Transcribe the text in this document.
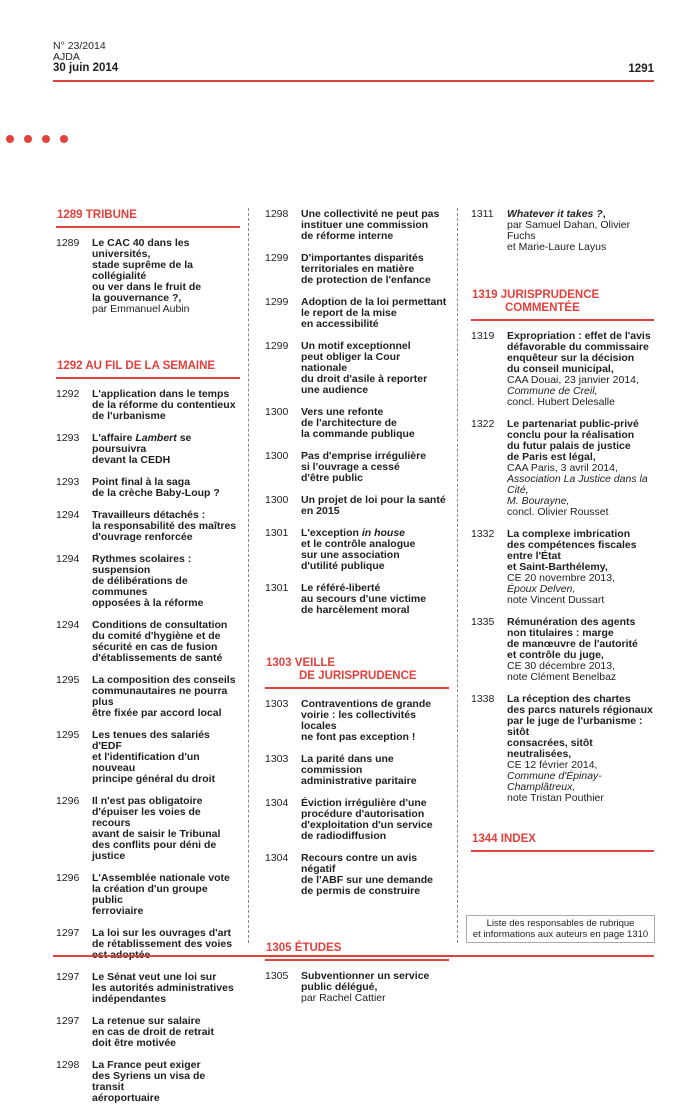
N° 23/2014
AJDA
30 juin 2014	1291
1289 TRIBUNE
1289	Le CAC 40 dans les universités,
stade suprême de la collégialité
ou ver dans le fruit de
la gouvernance ?,
par Emmanuel Aubin
1292 AU FIL DE LA SEMAINE
1292	L'application dans le temps
de la réforme du contentieux
de l'urbanisme
1293	L'affaire Lambert se poursuivra
devant la CEDH
1293	Point final à la saga
de la crèche Baby-Loup ?
1294	Travailleurs détachés :
la responsabilité des maîtres
d'ouvrage renforcée
1294	Rythmes scolaires : suspension
de délibérations de communes
opposées à la réforme
1294	Conditions de consultation
du comité d'hygiène et de
sécurité en cas de fusion
d'établissements de santé
1295	La composition des conseils
communautaires ne pourra plus
être fixée par accord local
1295	Les tenues des salariés d'EDF
et l'identification d'un nouveau
principe général du droit
1296	Il n'est pas obligatoire
d'épuiser les voies de recours
avant de saisir le Tribunal
des conflits pour déni de justice
1296	L'Assemblée nationale vote
la création d'un groupe public
ferroviaire
1297	La loi sur les ouvrages d'art
de rétablissement des voies

1297	Le Sénat veut une loi sur
les autorités administratives
indépendantes
1297	La retenue sur salaire
en cas de droit de retrait
doit être motivée
1298	La France peut exiger
des Syriens un visa de transit
aéroportuaire
1298	Une collectivité ne peut pas
instituer une commission
de réforme interne
1299	D'importantes disparités
territoriales en matière
de protection de l'enfance
1299	Adoption de la loi permettant
le report de la mise
en accessibilité
1299	Un motif exceptionnel
peut obliger la Cour nationale
du droit d'asile à reporter
une audience
1300	Vers une refonte
de l'architecture de
la commande publique
1300	Pas d'emprise irrégulière
si l'ouvrage a cessé
d'être public
1300	Un projet de loi pour la santé
en 2015
1301	L'exception in house
et le contrôle analogue
sur une association
d'utilité publique
1301	Le référé-liberté
au secours d'une victime
de harcèlement moral
1303 VEILLE
DE JURISPRUDENCE
1303	Contraventions de grande
voirie : les collectivités locales
ne font pas exception !
1303	La parité dans une commission
administrative paritaire
1304	Éviction irrégulière d'une
procédure d'autorisation
d'exploitation d'un service
de radiodiffusion
1304	Recours contre un avis négatif
de l'ABF sur une demande
de permis de construire
1305 ÉTUDES
1305	Subventionner un service
public délégué,
par Rachel Cattier
1311	Whatever it takes ?,
par Samuel Dahan, Olivier Fuchs
et Marie-Laure Layus
1319 JURISPRUDENCE
COMMENTÉE
1319	Expropriation : effet de l'avis
défavorable du commissaire
enquêteur sur la décision
du conseil municipal,
CAA Douai, 23 janvier 2014,
Commune de Creil,
concl. Hubert Delesalle
1322	Le partenariat public-privé
conclu pour la réalisation
du futur palais de justice
de Paris est légal,
CAA Paris, 3 avril 2014,
Association La Justice dans la Cité,
M. Bourayne,
concl. Olivier Rousset
1332	La complexe imbrication
des compétences fiscales
entre l'État
et Saint-Barthélemy,
CE 20 novembre 2013,
Époux Delven,
note Vincent Dussart
1335	Rémunération des agents
non titulaires : marge
de manœuvre de l'autorité
et contrôle du juge,
CE 30 décembre 2013,
note Clément Benelbaz
1338	La réception des chartes
des parcs naturels régionaux
par le juge de l'urbanisme : sitôt
consacrées, sitôt neutralisées,
CE 12 février 2014,
Commune d'Épinay-Champlâtreux,
note Tristan Pouthier
1344 INDEX
Liste des responsables de rubrique
et informations aux auteurs en page 1310
